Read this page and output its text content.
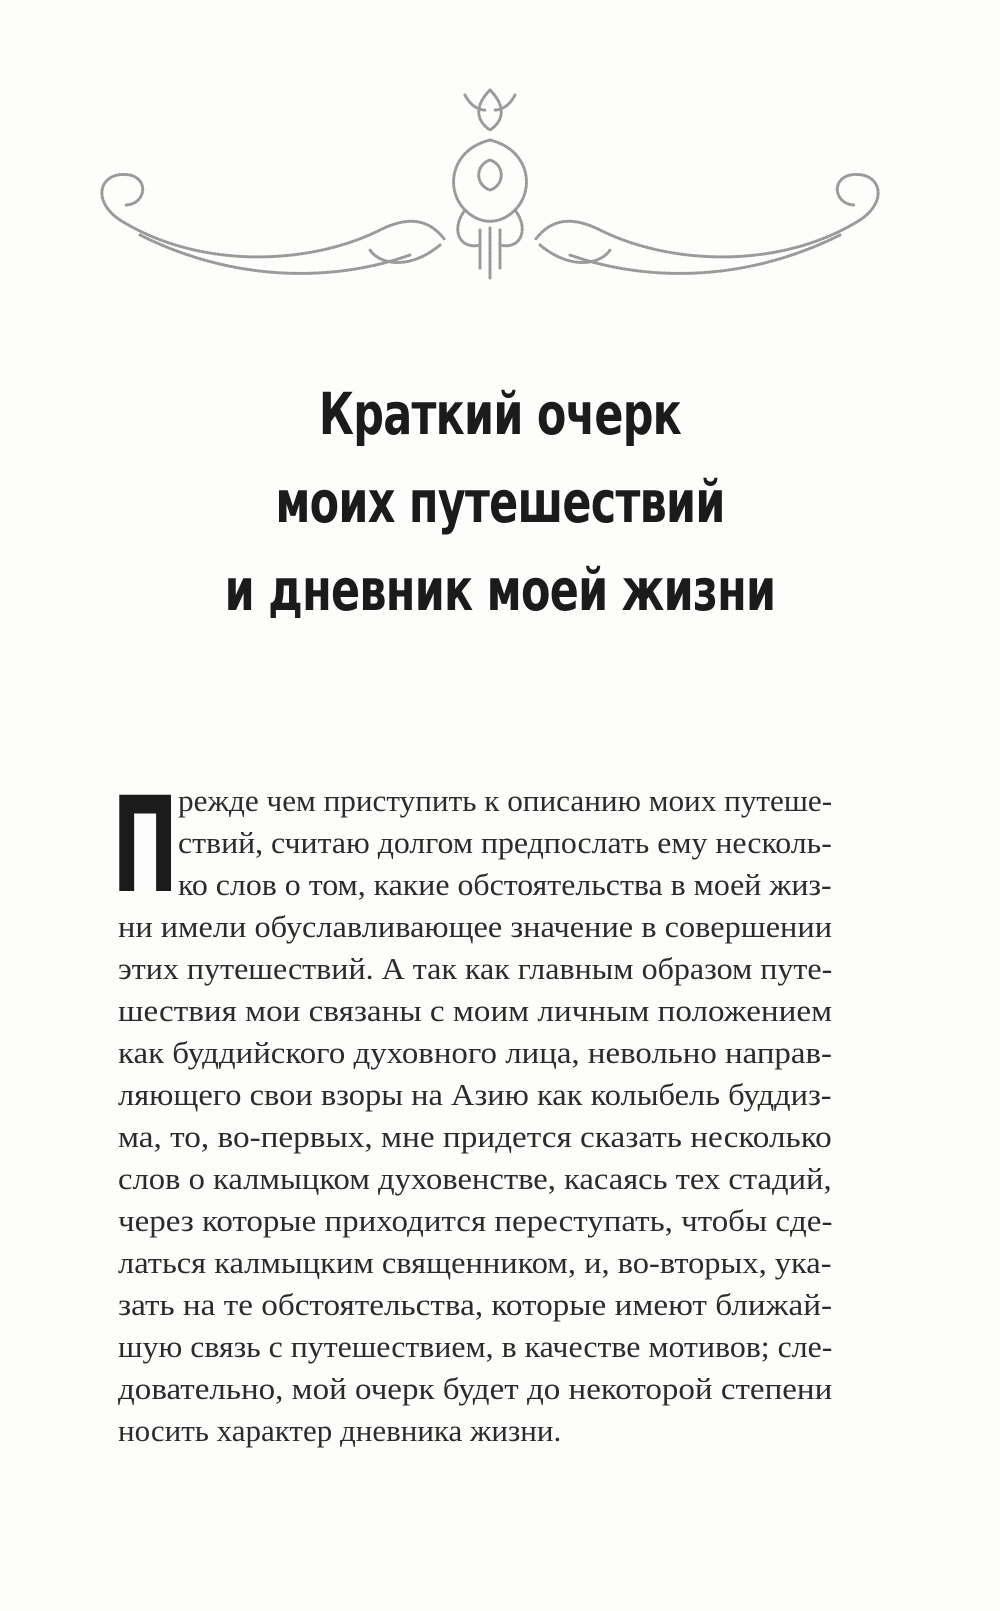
Краткий очерк
моих путешествий
и дневник моей жизни
П режде чем приступить к описанию моих путеше-
ствий, считаю долгом предпослать ему несколь-
ко слов о том, какие обстоятельства в моей жиз-
ни имели обуславливающее значение в совершении
этих путешествий. А так как главным образом путе-
шествия мои связаны с моим личным положением
как буддийского духовного лица, невольно направ-
ляющего свои взоры на Азию как колыбель буддиз-
ма, то, во-первых, мне придется сказать несколько
слов о калмыцком духовенстве, касаясь тех стадий,
через которые приходится переступать, чтобы сде-
латься калмыцким священником, и, во-вторых, ука-
зать на те обстоятельства, которые имеют ближай-
шую связь с путешествием, в качестве мотивов; сле-
довательно, мой очерк будет до некоторой степени
носить характер дневника жизни.
